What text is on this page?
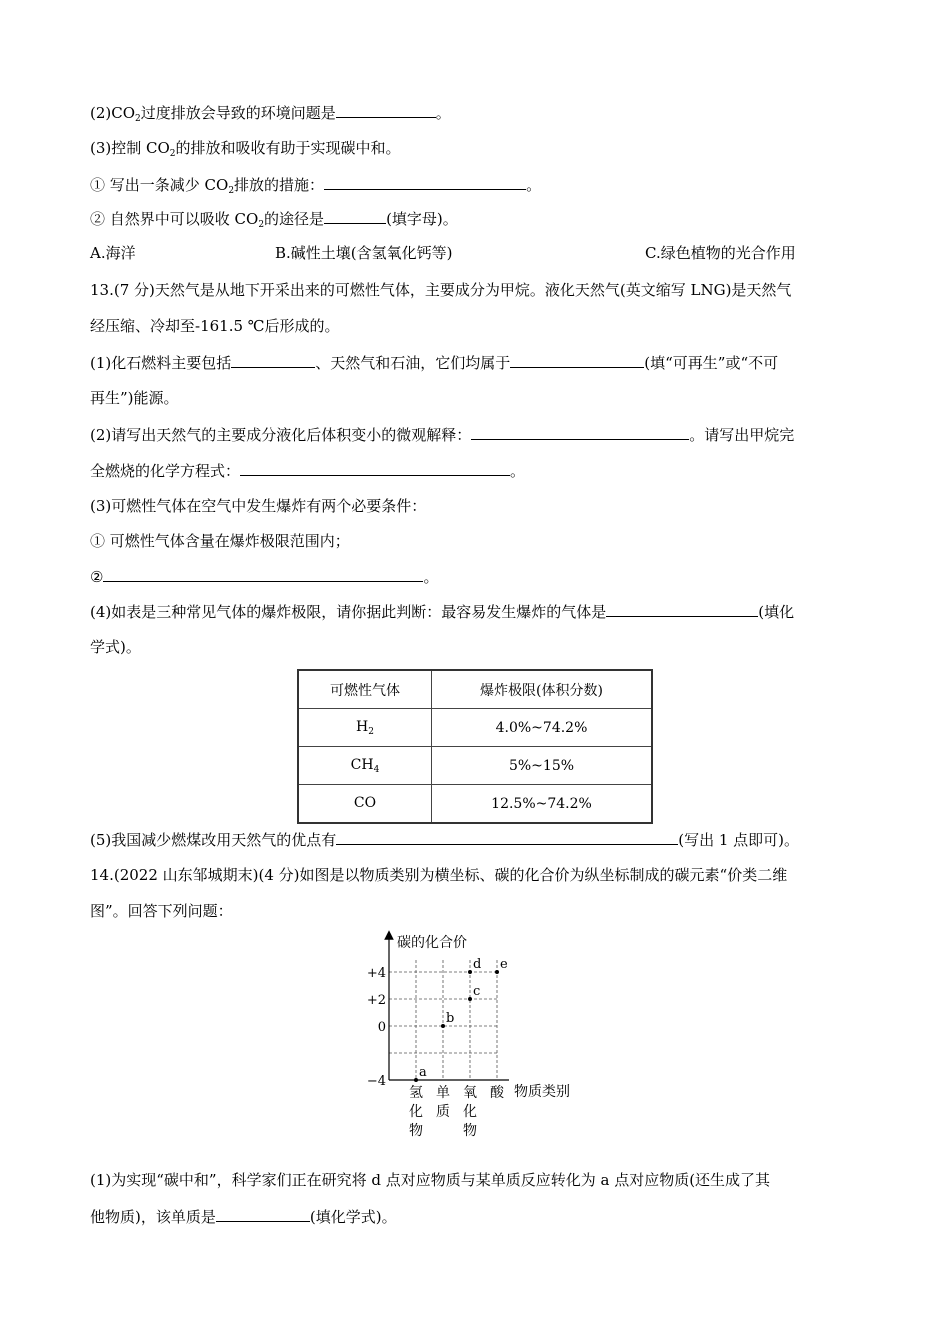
$(2)CO_2$过度排放会导致的环境问题是	。
(3)控制 $CO_2$的排放和吸收有助于实现碳中和。
① 写出一条减少 $CO_2$排放的措施：	。
② 自然界中可以吸收 $CO_2$的途径是	(填字母)。
A.海洋	B.碱性土壤(含氢氧化钙等)	C.绿色植物的光合作用
13.(7 分)天然气是从地下开采出来的可燃性气体，主要成分为甲烷。液化天然气(英文缩写 LNG)是天然气
经压缩、冷却至-161.5 ℃后形成的。
(1)化石燃料主要包括	、天然气和石油，它们均属于	(填“可再生”或“不可
再生”)能源。
(2)请写出天然气的主要成分液化后体积变小的微观解释：	。请写出甲烷完
全燃烧的化学方程式：	。
(3)可燃性气体在空气中发生爆炸有两个必要条件：
① 可燃性气体含量在爆炸极限范围内；
②	。
(4)如表是三种常见气体的爆炸极限，请你据此判断：最容易发生爆炸的气体是	(填化
学式)。
可燃性气体	爆炸极限(体积分数)
$H_2$	4.0%~74.2%
$CH_4$	5%~15%
CO	12.5%~74.2%
(5)我国减少燃煤改用天然气的优点有	(写出 1 点即可)。
14.(2022 山东邹城期末)(4 分)如图是以物质类别为横坐标、碳的化合价为纵坐标制成的碳元素“价类二维
图”。回答下列问题：
碳的化合价
物质类别
+4
+2
0
−4
氢
化
物
单
质
氧
化
物
酸
a
b
c
d e
(1)为实现“碳中和”，科学家们正在研究将 d 点对应物质与某单质反应转化为 a 点对应物质(还生成了其
他物质)，该单质是	(填化学式)。
